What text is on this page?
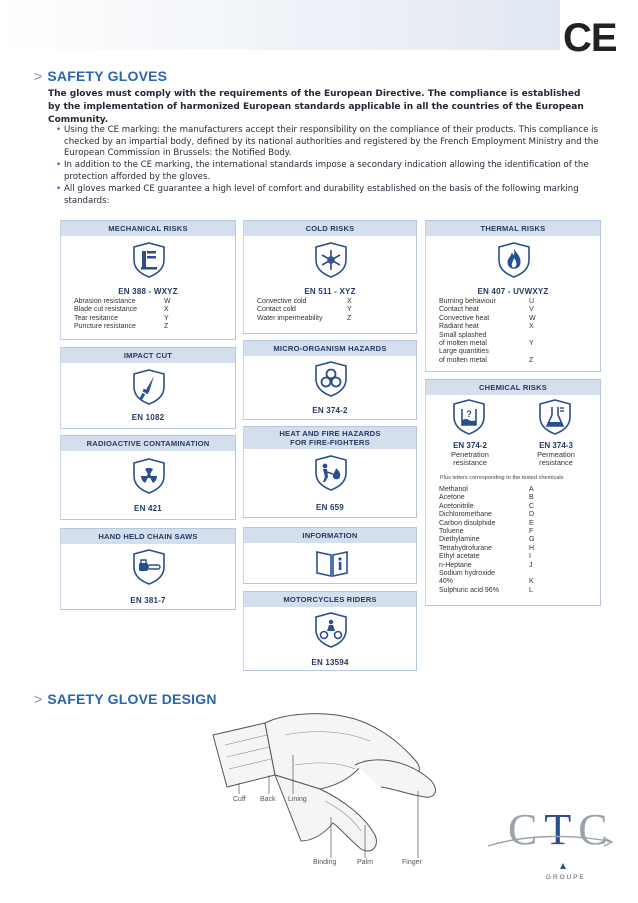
CE
> SAFETY GLOVES
The gloves must comply with the requirements of the European Directive. The compliance is established
by the implementation of harmonized European standards applicable in all the countries of the European Community.
• Using the CE marking: the manufacturers accept their responsibility on the compliance of their products. This compliance is checked by an impartial body, defined by its national authorities and registered by the French Employment Ministry and the European Commission in Brussels: the Notified Body.
• In addition to the CE marking, the international standards impose a secondary indication allowing the identification of the protection afforded by the gloves.
• All gloves marked CE guarantee a high level of comfort and durability established on the basis of the following marking standards:
MECHANICAL RISKS
EN 388 - WXYZ
Abrasion resistance	W
Blade cut resistance	X
Tear resitance	Y
Puncture resistance	Z
COLD RISKS
EN 511 - XYZ
Convective cold	X
Contact cold	Y
Water impermeability	Z
THERMAL RISKS
EN 407 - UVWXYZ
Burning behaviour	U
Contact heat	V
Convective heat	W
Radiant heat	X
Small splashed
of molten metal	Y
Large quantities
of molten metal	Z
IMPACT CUT
EN 1082
MICRO-ORGANISM HAZARDS
EN 374-2
CHEMICAL RISKS
?
EN 374-2
Penetration
resistance
EN 374-3
Permeation
resistance
Plus letters corresponding to the tested chemicals
Methanol	A
Acetone	B
Acetonitrile	C
Dichloromethane	D
Carbon disulphide	E
Toluene	F
Diethylamine	G
Tetrahydrofurane	H
Ethyl acetate	I
n-Heptane	J
Sodium hydroxide
40%	K
Sulphuric acid 96%	L
RADIOACTIVE CONTAMINATION
EN 421
HEAT AND FIRE HAZARDS
FOR FIRE-FIGHTERS
EN 659
HAND HELD CHAIN SAWS
EN 381-7
INFORMATION
MOTORCYCLES RIDERS
EN 13594
> SAFETY GLOVE DESIGN
Cuff Back Lining
Binding	Palm	Finger
CTC
GROUPE
